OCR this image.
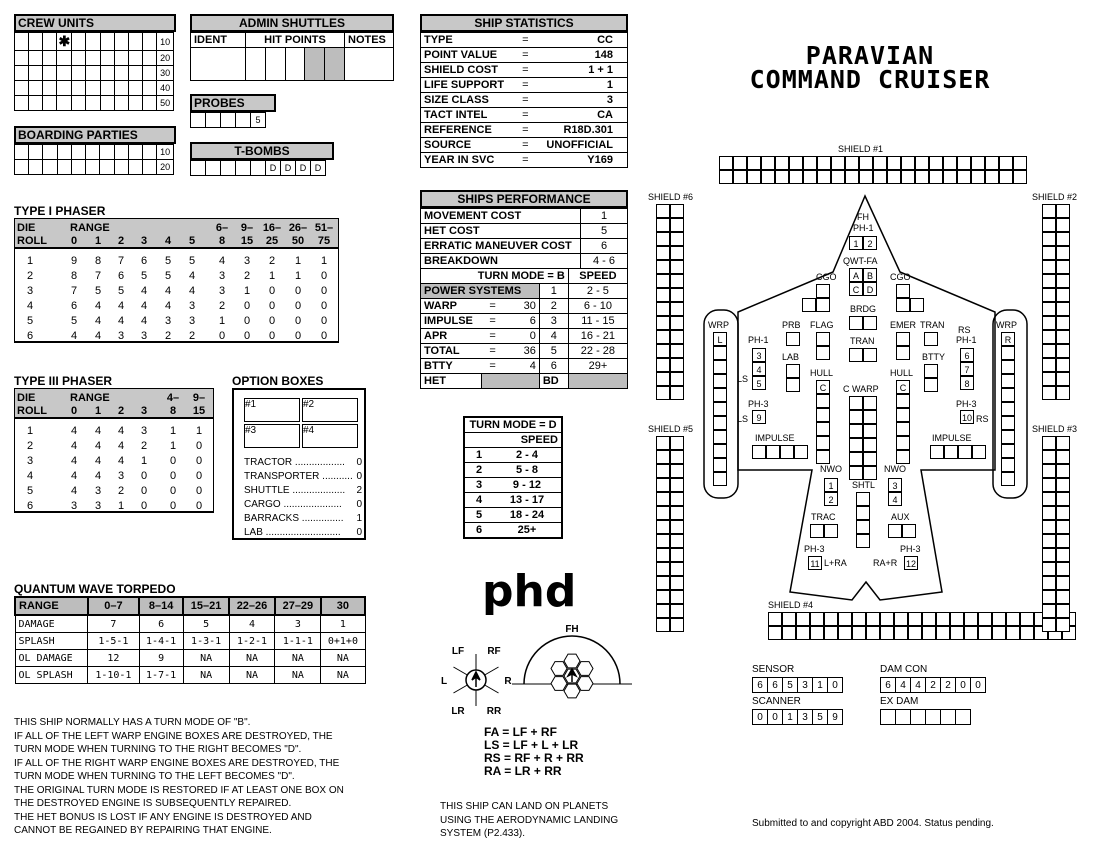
CREW UNITS
			✱							10
										20
										30
										40
										50
BOARDING PARTIES
										10
										20
ADMIN SHUTTLES
IDENT	HIT POINTS	NOTES

PROBES
				5
T-BOMBS
					D	D	D	D
SHIP STATISTICS
TYPE	=	CC
POINT VALUE	=	148
SHIELD COST	=	1 + 1
LIFE SUPPORT	=	1
SIZE CLASS	=	3
TACT INTEL	=	CA
REFERENCE	=	R18D.301
SOURCE	=	UNOFFICIAL
YEAR IN SVC	=	Y169
PARAVIAN
COMMAND CRUISER
SHIPS PERFORMANCE
MOVEMENT COST	1
HET COST	5
ERRATIC MANEUVER COST	6
BREAKDOWN	4 - 6
TURN MODE = B				SPEED
POWER SYSTEMS			1	2 - 5
WARP	=	30	2	6 - 10
IMPULSE	=	6	3	11 - 15
APR	=	0	4	16 - 21
TOTAL	=	36	5	22 - 28
BTTY	=	4	6	29+
HET			BD	
TURN MODE = D	
	SPEED
1	2 - 4
2	5 - 8
3	9 - 12
4	13 - 17
5	18 - 24
6	25+
TYPE I PHASER
DIE	RANGE	6– 9– 16– 26– 51–
ROLL 0 1 2 3 4 5 8 15 25 50 75
1	9 8 7 6 5 5 4 3 2 1 1
2	8 7 6 5 5 4 3 2 1 1 0
3	7 5 5 4 4 4 3 1 0 0 0
4	6 4 4 4 4 3 2 0 0 0 0
5	5 4 4 4 3 3 1 0 0 0 0
6	4 4 3 3 2 2 0 0 0 0 0
TYPE III PHASER
DIE	RANGE	4– 9–
ROLL 0 1 2 3 8 15
1	4 4 4 3 1 1
2	4 4 4 2 1 0
3	4 4 4 1 0 0
4	4 4 3 0 0 0
5	4 3 2 0 0 0
6	3 3 1 0 0 0
OPTION BOXES
#1	#2
#3	#4
TRACTOR .................. 0
TRANSPORTER ........... 0
SHUTTLE ................... 2
CARGO ..................... 0
BARRACKS ............... 1
LAB ........................... 0
QUANTUM WAVE TORPEDO
RANGE	0–7	8–14	15–21	22–26	27–29	30
DAMAGE	7	6	5	4	3	1
SPLASH	1-5-1	1-4-1	1-3-1	1-2-1	1-1-1	0+1+0
OL DAMAGE	12	9	NA	NA	NA	NA
OL SPLASH	1-10-1	1-7-1	NA	NA	NA	NA
THIS SHIP NORMALLY HAS A TURN MODE OF "B".
IF ALL OF THE LEFT WARP ENGINE BOXES ARE DESTROYED, THE
TURN MODE WHEN TURNING TO THE RIGHT BECOMES "D".
IF ALL OF THE RIGHT WARP ENGINE BOXES ARE DESTROYED, THE
TURN MODE WHEN TURNING TO THE LEFT BECOMES "D".
THE ORIGINAL TURN MODE IS RESTORED IF AT LEAST ONE BOX ON
THE DESTROYED ENGINE IS SUBSEQUENTLY REPAIRED.
THE HET BONUS IS LOST IF ANY ENGINE IS DESTROYED AND
CANNOT BE REGAINED BY REPAIRING THAT ENGINE.
phd
LF RF
L	R
LR RR
FH
FA = LF + RF
LS = LF + L + LR
RS = RF + R + RR
RA = LR + RR
THIS SHIP CAN LAND ON PLANETS
USING THE AERODYNAMIC LANDING
SYSTEM (P2.433).
SHIELD #1
SHIELD #4
SHIELD #6	SHIELD #2
SHIELD #5	SHIELD #3
FH
PH-1
1 2
QWT-FA
A B
C D
CGO	CGO
BRDG
PRB FLAG	EMER TRAN
TRAN
LAB	BTTY
PH-1
3
4
5
LS
RS
PH-1
6
7
8
PH-3
LS 9
PH-3
10 RS
WRP
L
WRP
R
HULL
C
HULL
C
C WARP
IMPULSE	IMPULSE
NWO
1
2
NWO
3
4
SHTL
TRAC	AUX
PH-3
11 L+RA
PH-3
12
RA+R
SENSOR
6 6 5 3 1 0
SCANNER
0 0 1 3 5 9
DAM CON
6 4 4 2 2 0 0
EX DAM
Submitted to and copyright ABD 2004. Status pending.
